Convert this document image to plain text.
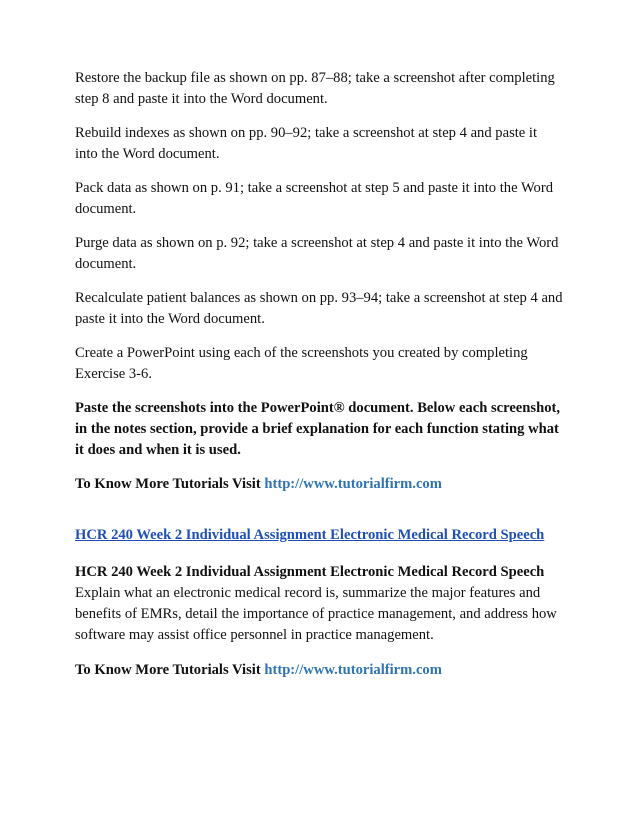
Restore the backup file as shown on pp. 87–88; take a screenshot after completing
step 8 and paste it into the Word document.

Rebuild indexes as shown on pp. 90–92; take a screenshot at step 4 and paste it
into the Word document.

Pack data as shown on p. 91; take a screenshot at step 5 and paste it into the Word
document.

Purge data as shown on p. 92; take a screenshot at step 4 and paste it into the Word
document.

Recalculate patient balances as shown on pp. 93–94; take a screenshot at step 4 and
paste it into the Word document.

Create a PowerPoint using each of the screenshots you created by completing
Exercise 3-6.

Paste the screenshots into the PowerPoint® document. Below each screenshot,
in the notes section, provide a brief explanation for each function stating what
it does and when it is used.

To Know More Tutorials Visit http://www.tutorialfirm.com

HCR 240 Week 2 Individual Assignment Electronic Medical Record Speech

HCR 240 Week 2 Individual Assignment Electronic Medical Record Speech

Explain what an electronic medical record is, summarize the major features and
benefits of EMRs, detail the importance of practice management, and address how
software may assist office personnel in practice management.

To Know More Tutorials Visit http://www.tutorialfirm.com
